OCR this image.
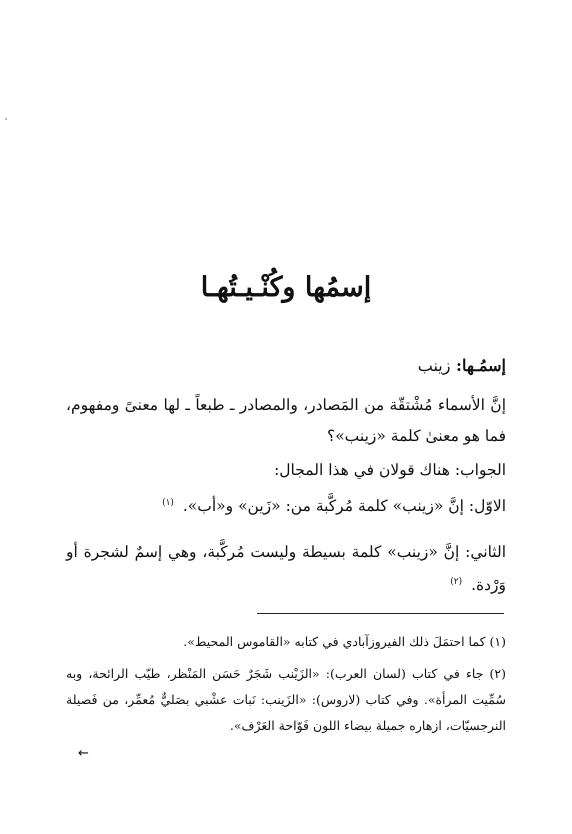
إسمُها وكُنْـيـتُهـا
إسمُـها: زينب
إنَّ الأسماء مُشْتقّة من المَصادر، والمصادر ـ طبعاً ـ لها معنىً ومفهوم، فما هو معنىٰ كلمة «زينب»؟
الجواب: هناك قولان في هذا المجال:
الاوّل: إنَّ «زينب» كلمة مُركَّبة من: «زَين» و«أب». $^{(١)}$
الثاني: إنَّ «زينب» كلمة بسيطة وليست مُركَّبة، وهي إسمٌ لشجرة أو وَرْدة. $^{(٢)}$
(١) كما احتمَلَ ذلك الفيروزآبادي في كتابه «القاموس المحيط».
(٢) جاء في كتاب (لسان العرب): «الزَيْنب شَجَرٌ حَسَن المَنْظر، طيّب الرائحة، وبه سُمِّيت المرأة». وفي كتاب (لاروس): «الزَينب: نَبات عشْبي بصَليٌّ مُعمِّر، من فَصيلة النرجسيّات، ازهاره جميلة بيضاء اللون فَوّاحة العَرْف».
←
